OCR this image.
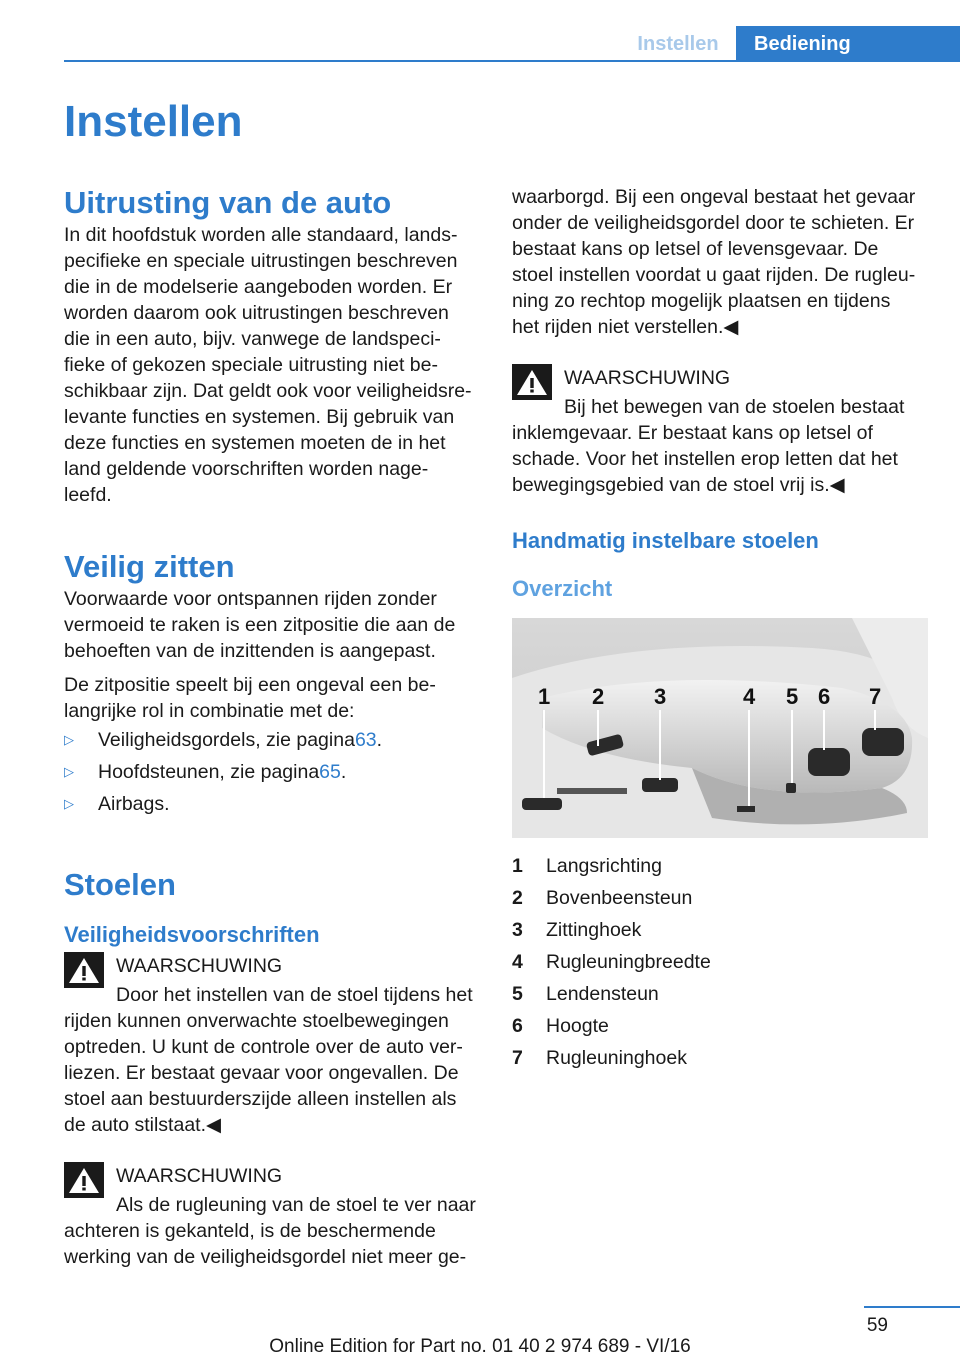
Instellen	Bediening
Instellen
Uitrusting van de auto
In dit hoofdstuk worden alle standaard, lands‐
pecifieke en speciale uitrustingen beschreven
die in de modelserie aangeboden worden. Er
worden daarom ook uitrustingen beschreven
die in een auto, bijv. vanwege de landspeci‐
fieke of gekozen speciale uitrusting niet be‐
schikbaar zijn. Dat geldt ook voor veiligheidsre‐
levante functies en systemen. Bij gebruik van
deze functies en systemen moeten de in het
land geldende voorschriften worden nage‐
leefd.
Veilig zitten
Voorwaarde voor ontspannen rijden zonder
vermoeid te raken is een zitpositie die aan de
behoeften van de inzittenden is aangepast.
De zitpositie speelt bij een ongeval een be‐
langrijke rol in combinatie met de:
▷	Veiligheidsgordels, zie pagina 63 .
▷	Hoofdsteunen, zie pagina 65 .
▷	Airbags.
Stoelen
Veiligheidsvoorschriften
WAARSCHUWING
Door het instellen van de stoel tijdens het
rijden kunnen onverwachte stoelbewegingen
optreden. U kunt de controle over de auto ver‐
liezen. Er bestaat gevaar voor ongevallen. De
stoel aan bestuurderszijde alleen instellen als
de auto stilstaat.◀
WAARSCHUWING
Als de rugleuning van de stoel te ver naar
achteren is gekanteld, is de beschermende
werking van de veiligheidsgordel niet meer ge‐
waarborgd. Bij een ongeval bestaat het gevaar
onder de veiligheidsgordel door te schieten. Er
bestaat kans op letsel of levensgevaar. De
stoel instellen voordat u gaat rijden. De rugleu‐
ning zo rechtop mogelijk plaatsen en tijdens
het rijden niet verstellen.◀
WAARSCHUWING
Bij het bewegen van de stoelen bestaat
inklemgevaar. Er bestaat kans op letsel of
schade. Voor het instellen erop letten dat het
bewegingsgebied van de stoel vrij is.◀
Handmatig instelbare stoelen
Overzicht
1 2 3	4 5 6 7
1	Langsrichting
2	Bovenbeensteun
3	Zittinghoek
4	Rugleuningbreedte
5	Lendensteun
6	Hoogte
7	Rugleuninghoek
59
Online Edition for Part no. 01 40 2 974 689 - VI/16
